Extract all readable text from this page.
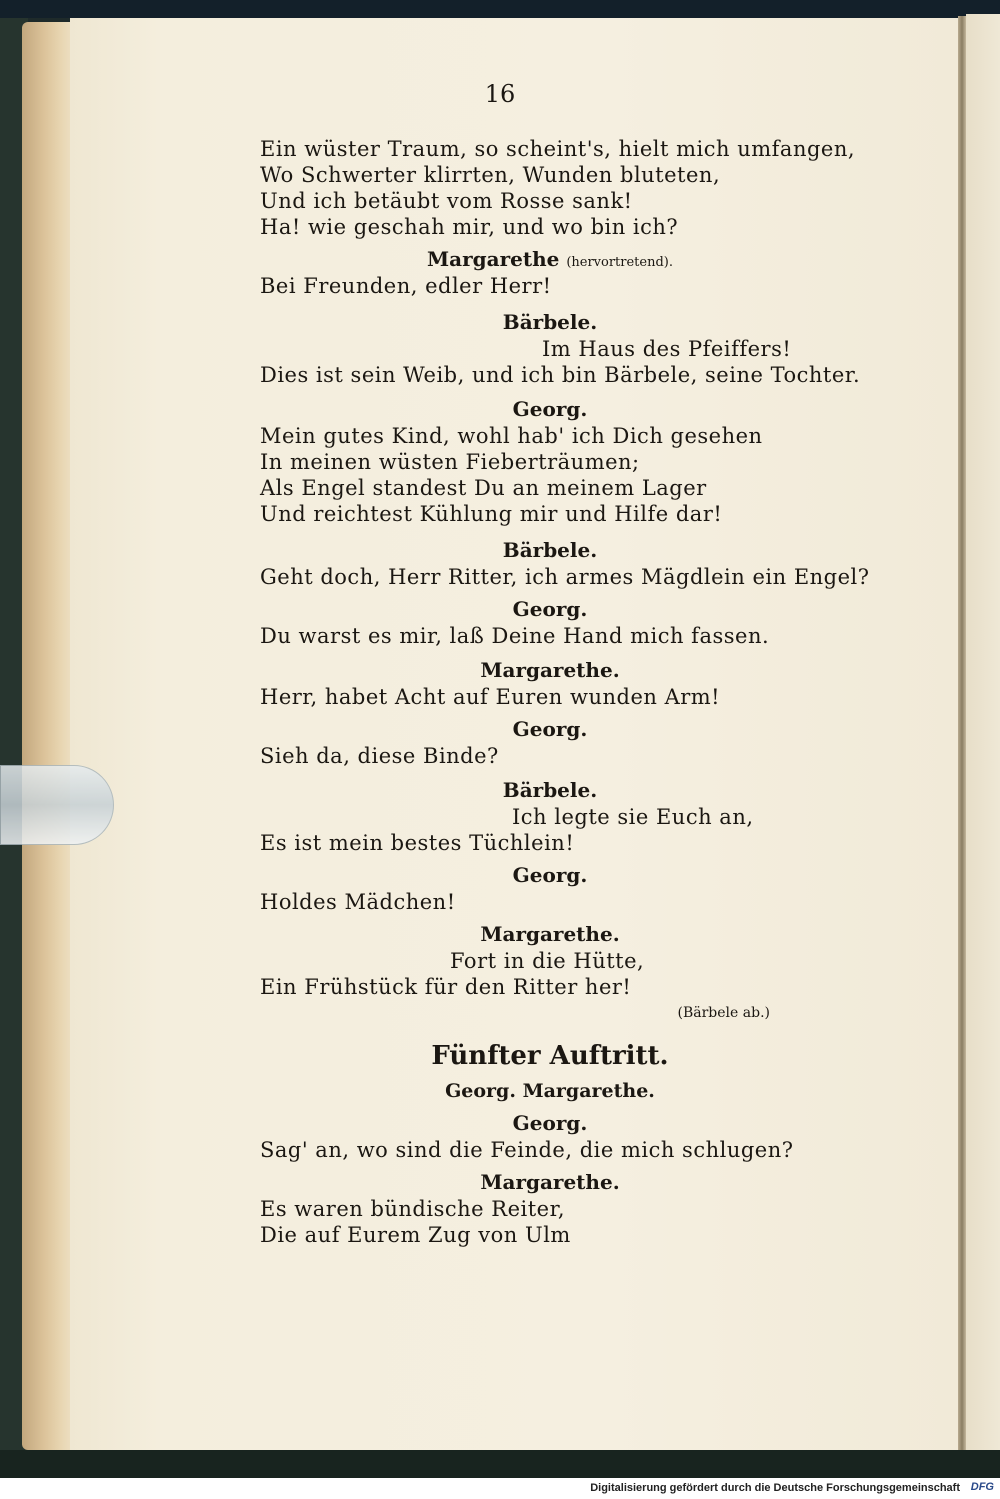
16
Ein wüster Traum, so scheint's, hielt mich umfangen,
Wo Schwerter klirrten, Wunden bluteten,
Und ich betäubt vom Rosse sank!
Ha! wie geschah mir, und wo bin ich?
Margarethe (hervortretend).
Bei Freunden, edler Herr!
Bärbele.
Im Haus des Pfeiffers!
Dies ist sein Weib, und ich bin Bärbele, seine Tochter.
Georg.
Mein gutes Kind, wohl hab' ich Dich gesehen
In meinen wüsten Fieberträumen;
Als Engel standest Du an meinem Lager
Und reichtest Kühlung mir und Hilfe dar!
Bärbele.
Geht doch, Herr Ritter, ich armes Mägdlein ein Engel?
Georg.
Du warst es mir, laß Deine Hand mich fassen.
Margarethe.
Herr, habet Acht auf Euren wunden Arm!
Georg.
Sieh da, diese Binde?
Bärbele.
Ich legte sie Euch an,
Es ist mein bestes Tüchlein!
Georg.
Holdes Mädchen!
Margarethe.
Fort in die Hütte,
Ein Frühstück für den Ritter her!
(Bärbele ab.)
Fünfter Auftritt.
Georg. Margarethe.
Georg.
Sag' an, wo sind die Feinde, die mich schlugen?
Margarethe.
Es waren bündische Reiter,
Die auf Eurem Zug von Ulm
Digitalisierung gefördert durch die Deutsche Forschungsgemeinschaft DFG
